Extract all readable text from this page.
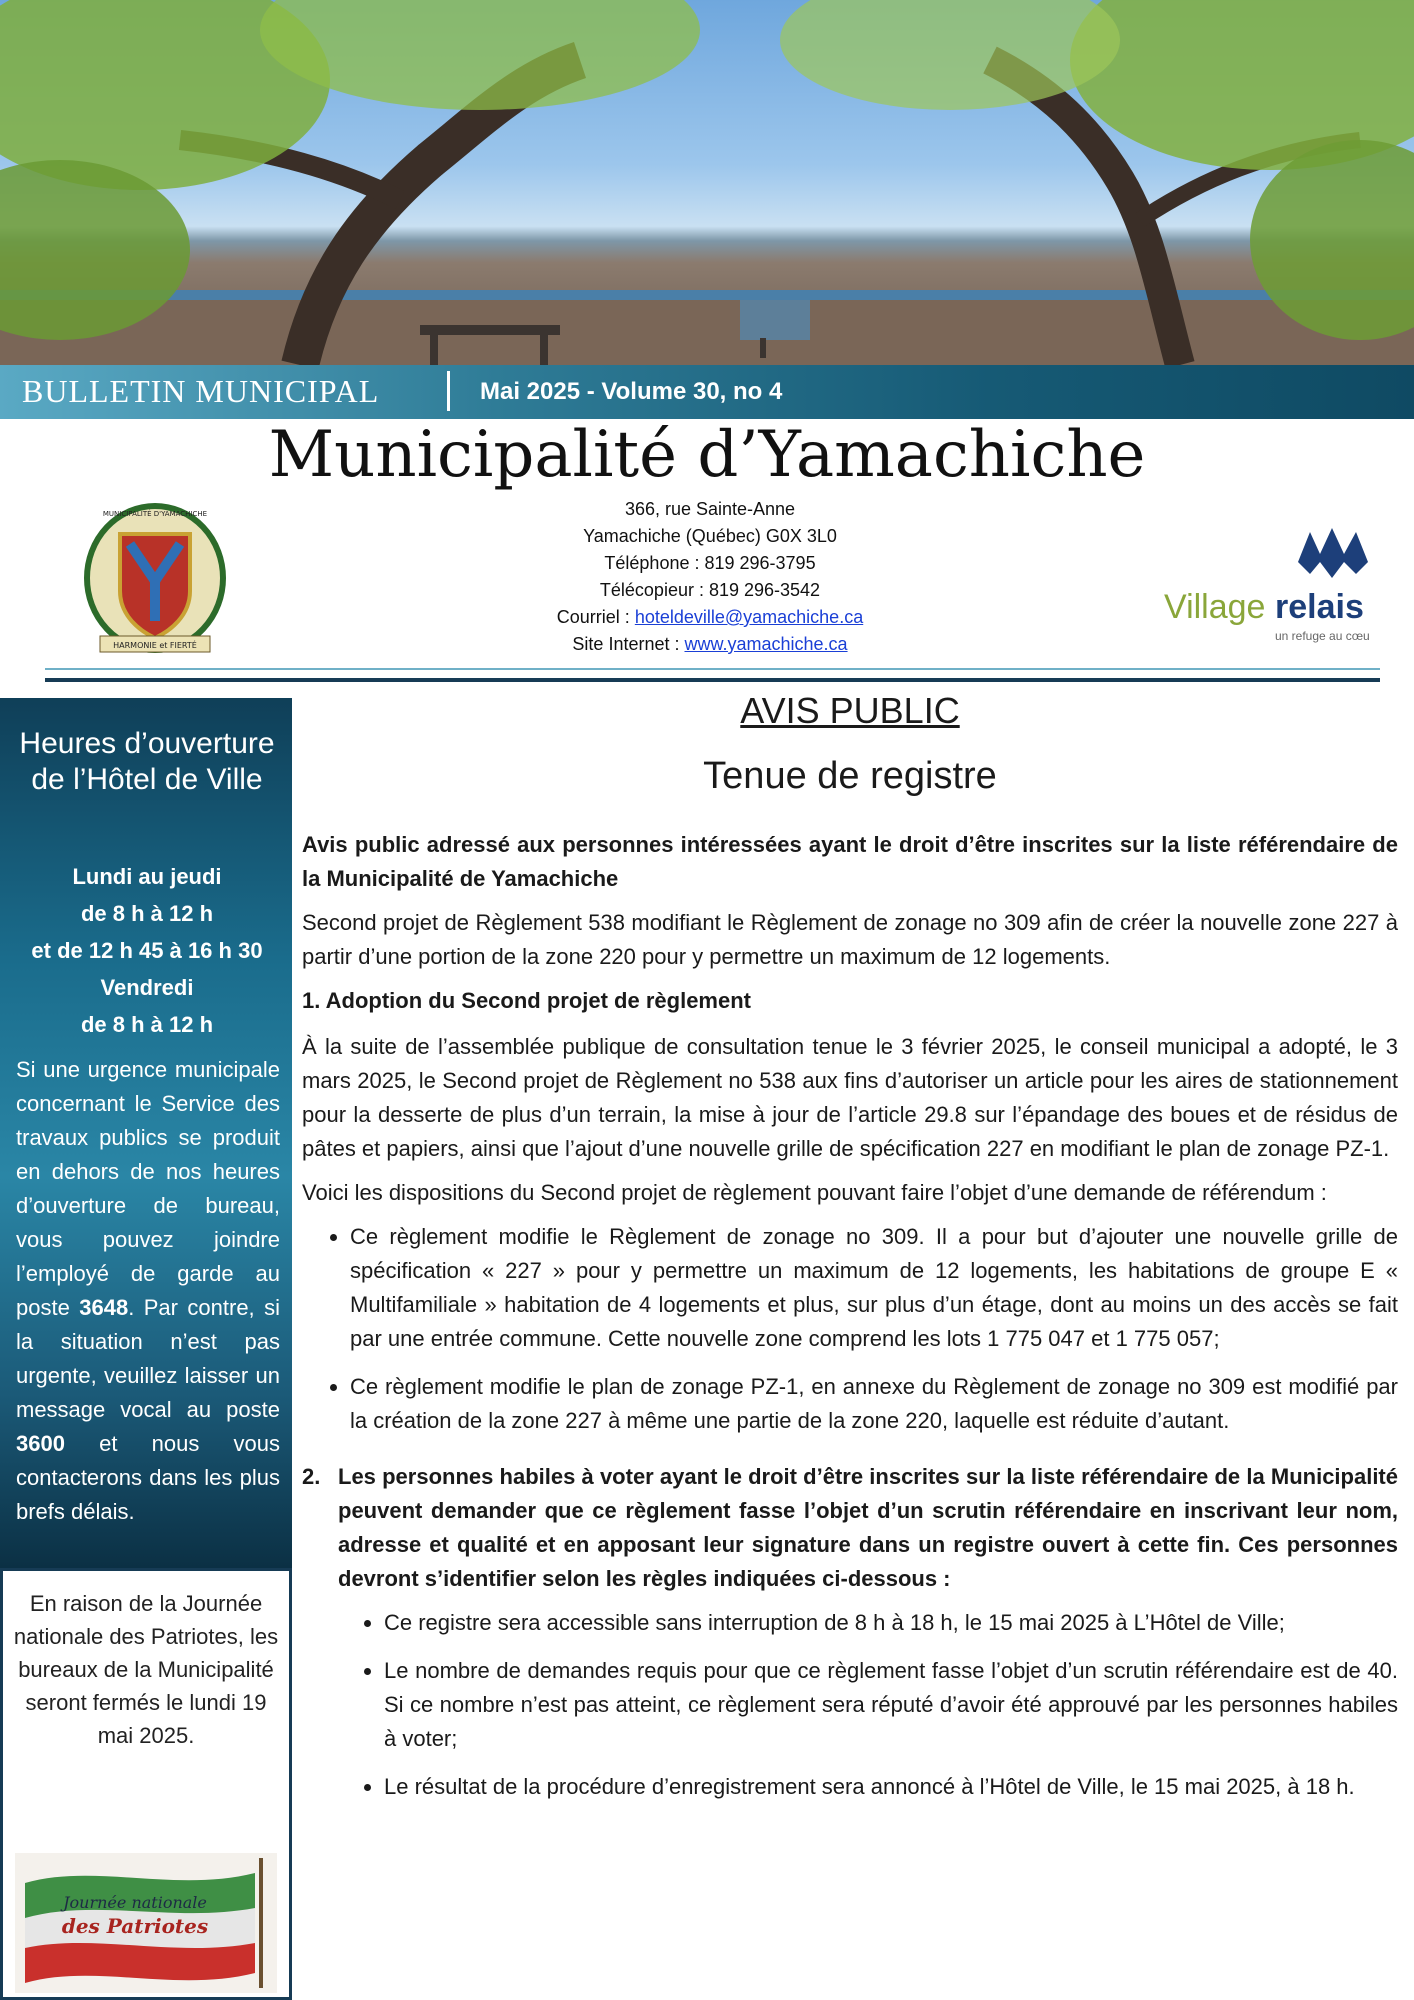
BULLETIN MUNICIPAL	Mai 2025 - Volume 30, no 4
Municipalité d’Yamachiche
HARMONIE et FIERTÉ
MUNICIPALITÉ D'YAMACHICHE	366, rue Sainte-Anne
Yamachiche (Québec) G0X 3L0
Téléphone : 819 296-3795
Télécopieur : 819 296-3542
Courriel : hoteldeville@yamachiche.ca
Site Internet : www.yamachiche.ca
Village relais
un refuge au cœu
Heures d’ouverture de l’Hôtel de Ville
Lundi au jeudi
de 8 h à 12 h
et de 12 h 45 à 16 h 30
Vendredi
de 8 h à 12 h
Si une urgence municipale concernant le Service des travaux publics se produit en dehors de nos heures d’ouverture de bureau, vous pouvez joindre l’employé de garde au poste 3648. Par contre, si la situation n’est pas urgente, veuillez laisser un message vocal au poste 3600 et nous vous contacterons dans les plus brefs délais.
En raison de la Journée nationale des Patriotes, les bureaux de la Municipalité seront fermés le lundi 19 mai 2025.
Journée nationale
des Patriotes
AVIS PUBLIC
Tenue de registre

Avis public adressé aux personnes intéressées ayant le droit d’être inscrites sur la liste référendaire de la Municipalité de Yamachiche

Second projet de Règlement 538 modifiant le Règlement de zonage no 309 afin de créer la nouvelle zone 227 à partir d’une portion de la zone 220 pour y permettre un maximum de 12 logements.

1. Adoption du Second projet de règlement

À la suite de l’assemblée publique de consultation tenue le 3 février 2025, le conseil municipal a adopté, le 3 mars 2025, le Second projet de Règlement no 538 aux fins d’autoriser un article pour les aires de stationnement pour la desserte de plus d’un terrain, la mise à jour de l’article 29.8 sur l’épandage des boues et de résidus de pâtes et papiers, ainsi que l’ajout d’une nouvelle grille de spécification 227 en modifiant le plan de zonage PZ-1.

Voici les dispositions du Second projet de règlement pouvant faire l’objet d’une demande de référendum :

• Ce règlement modifie le Règlement de zonage no 309. Il a pour but d’ajouter une nouvelle grille de spécification « 227 » pour y permettre un maximum de 12 logements, les habitations de groupe E « Multifamiliale » habitation de 4 logements et plus, sur plus d’un étage, dont au moins un des accès se fait par une entrée commune. Cette nouvelle zone comprend les lots 1 775 047 et 1 775 057;
• Ce règlement modifie le plan de zonage PZ-1, en annexe du Règlement de zonage no 309 est modifié par la création de la zone 227 à même une partie de la zone 220, laquelle est réduite d’autant.
2. Les personnes habiles à voter ayant le droit d’être inscrites sur la liste référendaire de la Municipalité peuvent demander que ce règlement fasse l’objet d’un scrutin référendaire en inscrivant leur nom, adresse et qualité et en apposant leur signature dans un registre ouvert à cette fin. Ces personnes devront s’identifier selon les règles indiquées ci-dessous :

• Ce registre sera accessible sans interruption de 8 h à 18 h, le 15 mai 2025 à L’Hôtel de Ville;
• Le nombre de demandes requis pour que ce règlement fasse l’objet d’un scrutin référendaire est de 40. Si ce nombre n’est pas atteint, ce règlement sera réputé d’avoir été approuvé par les personnes habiles à voter;
• Le résultat de la procédure d’enregistrement sera annoncé à l’Hôtel de Ville, le 15 mai 2025, à 18 h.
